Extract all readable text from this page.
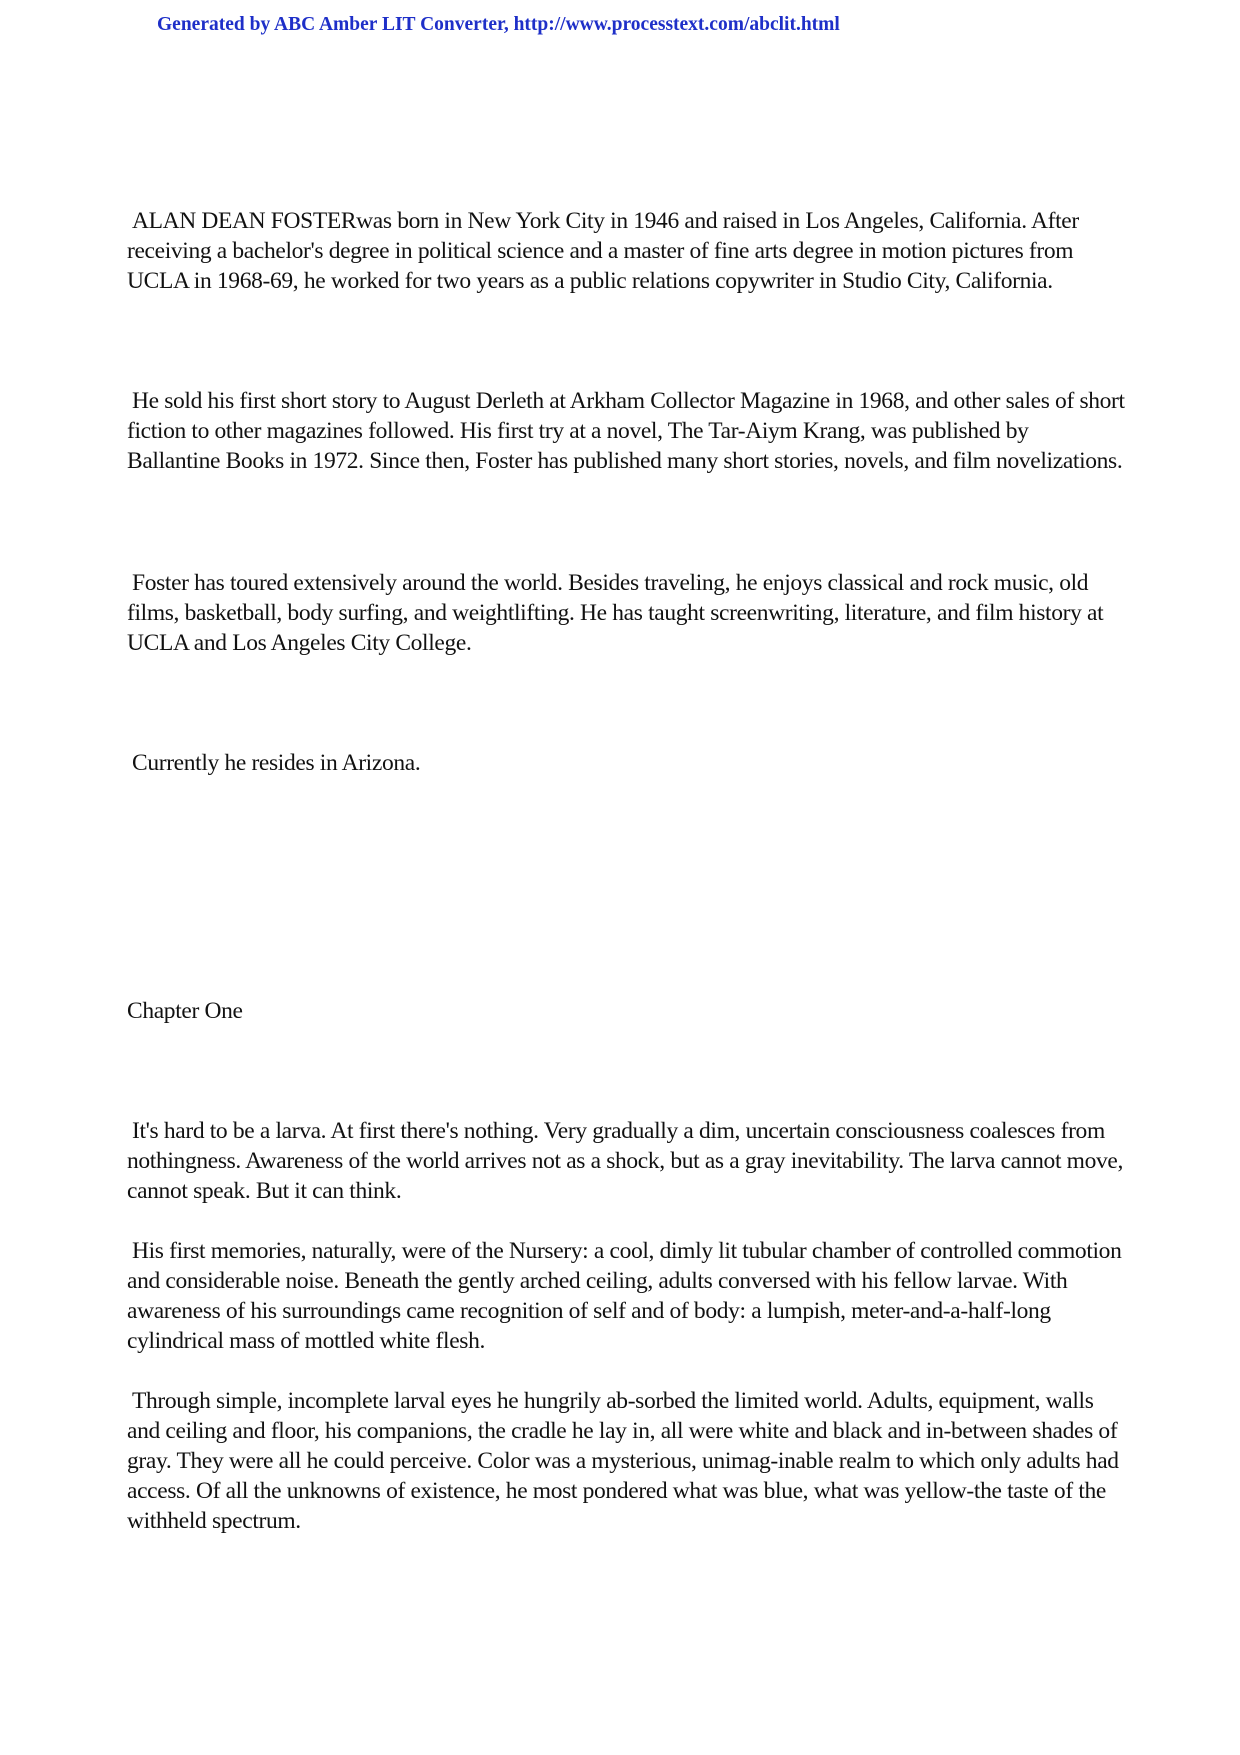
Generated by ABC Amber LIT Converter, http://www.processtext.com/abclit.html

ALAN DEAN FOSTERwas born in New York City in 1946 and raised in Los Angeles, California. After receiving a bachelor's degree in political science and a master of fine arts degree in motion pictures from UCLA in 1968-69, he worked for two years as a public relations copywriter in Studio City, California.

He sold his first short story to August Derleth at Arkham Collector Magazine in 1968, and other sales of short fiction to other magazines followed. His first try at a novel, The Tar-Aiym Krang, was published by Ballantine Books in 1972. Since then, Foster has published many short stories, novels, and film novelizations.

Foster has toured extensively around the world. Besides traveling, he enjoys classical and rock music, old films, basketball, body surfing, and weightlifting. He has taught screenwriting, literature, and film history at UCLA and Los Angeles City College.

Currently he resides in Arizona.

Chapter One

It's hard to be a larva. At first there's nothing. Very gradually a dim, uncertain consciousness coalesces from nothingness. Awareness of the world arrives not as a shock, but as a gray inevitability. The larva cannot move, cannot speak. But it can think.

His first memories, naturally, were of the Nursery: a cool, dimly lit tubular chamber of controlled commotion and considerable noise. Beneath the gently arched ceiling, adults conversed with his fellow larvae. With awareness of his surroundings came recognition of self and of body: a lumpish, meter-and-a-half-long cylindrical mass of mottled white flesh.

Through simple, incomplete larval eyes he hungrily ab-sorbed the limited world. Adults, equipment, walls and ceiling and floor, his companions, the cradle he lay in, all were white and black and in-between shades of gray. They were all he could perceive. Color was a mysterious, unimag-inable realm to which only adults had access. Of all the unknowns of existence, he most pondered what was blue, what was yellow-the taste of the withheld spectrum.
